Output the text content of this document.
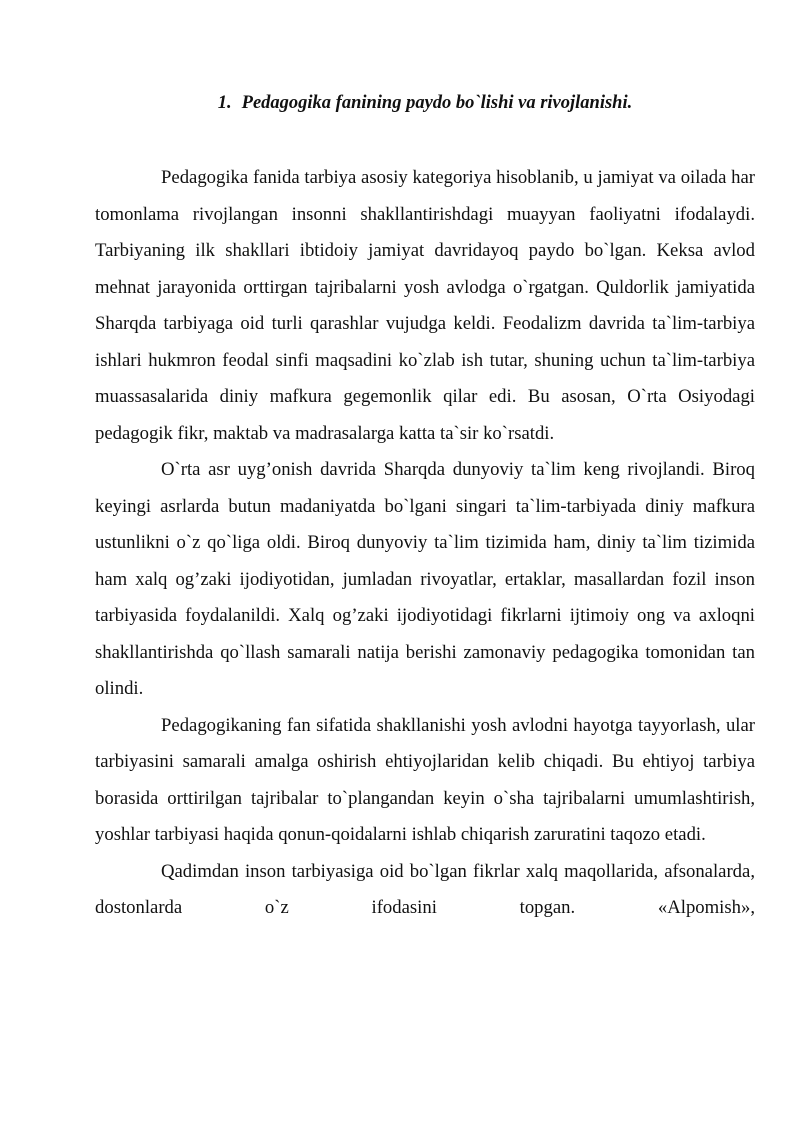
1. Pedagogika fanining paydo bo`lishi va rivojlanishi.

Pedagogika fanida tarbiya asosiy kategoriya hisoblanib, u jamiyat va oilada har tomonlama rivojlangan insonni shakllantirishdagi muayyan faoliyatni ifodalaydi. Tarbiyaning ilk shakllari ibtidoiy jamiyat davridayoq paydo bo`lgan. Keksa avlod mehnat jarayonida orttirgan tajribalarni yosh avlodga o`rgatgan. Quldorlik jamiyatida Sharqda tarbiyaga oid turli qarashlar vujudga keldi. Feodalizm davrida ta`lim-tarbiya ishlari hukmron feodal sinfi maqsadini ko`zlab ish tutar, shuning uchun ta`lim-tarbiya muassasalarida diniy mafkura gegemonlik qilar edi. Bu asosan, O`rta Osiyodagi pedagogik fikr, maktab va madrasalarga katta ta`sir ko`rsatdi.

O`rta asr uyg’onish davrida Sharqda dunyoviy ta`lim keng rivojlandi. Biroq keyingi asrlarda butun madaniyatda bo`lgani singari ta`lim-tarbiyada diniy mafkura ustunlikni o`z qo`liga oldi. Biroq dunyoviy ta`lim tizimida ham, diniy ta`lim tizimida ham xalq og’zaki ijodiyotidan, jumladan rivoyatlar, ertaklar, masallardan fozil inson tarbiyasida foydalanildi. Xalq og’zaki ijodiyotidagi fikrlarni ijtimoiy ong va axloqni shakllantirishda qo`llash samarali natija berishi zamonaviy pedagogika tomonidan tan olindi.

Pedagogikaning fan sifatida shakllanishi yosh avlodni hayotga tayyorlash, ular tarbiyasini samarali amalga oshirish ehtiyojlaridan kelib chiqadi. Bu ehtiyoj tarbiya borasida orttirilgan tajribalar to`plangandan keyin o`sha tajribalarni umumlashtirish, yoshlar tarbiyasi haqida qonun-qoidalarni ishlab chiqarish zaruratini taqozo etadi.

Qadimdan inson tarbiyasiga oid bo`lgan fikrlar xalq maqollarida, afsonalarda, dostonlarda o`z ifodasini topgan. «Alpomish»,
